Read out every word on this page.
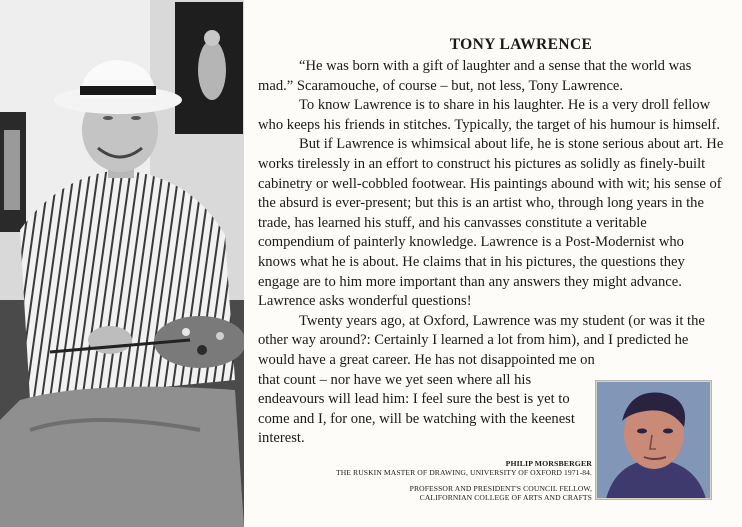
TONY LAWRENCE

“He was born with a gift of laughter and a sense that the world was mad.” Scaramouche, of course – but, not less, Tony Lawrence.

To know Lawrence is to share in his laughter. He is a very droll fellow who keeps his friends in stitches. Typically, the target of his humour is himself.

But if Lawrence is whimsical about life, he is stone serious about art. He works tirelessly in an effort to construct his pictures as solidly as finely-built cabinetry or well-cobbled footwear. His paintings abound with wit; his sense of the absurd is ever-present; but this is an artist who, through long years in the trade, has learned his stuff, and his canvasses constitute a veritable compendium of painterly knowledge. Lawrence is a Post-Modernist who knows what he is about. He claims that in his pictures, the questions they engage are to him more important than any answers they might advance. Lawrence asks wonderful questions!

Twenty years ago, at Oxford, Lawrence was my student (or was it the other way around?: Certainly I learned a lot from him), and I predicted he would have a great career. He has not disappointed me on

that count – nor have we yet seen where all his endeavours will lead him: I feel sure the best is yet to come and I, for one, will be watching with the keenest interest.

PHILIP MORSBERGER
THE RUSKIN MASTER OF DRAWING, UNIVERSITY OF OXFORD 1971-84.
PROFESSOR AND PRESIDENT'S COUNCIL FELLOW,
CALIFORNIAN COLLEGE OF ARTS AND CRAFTS
